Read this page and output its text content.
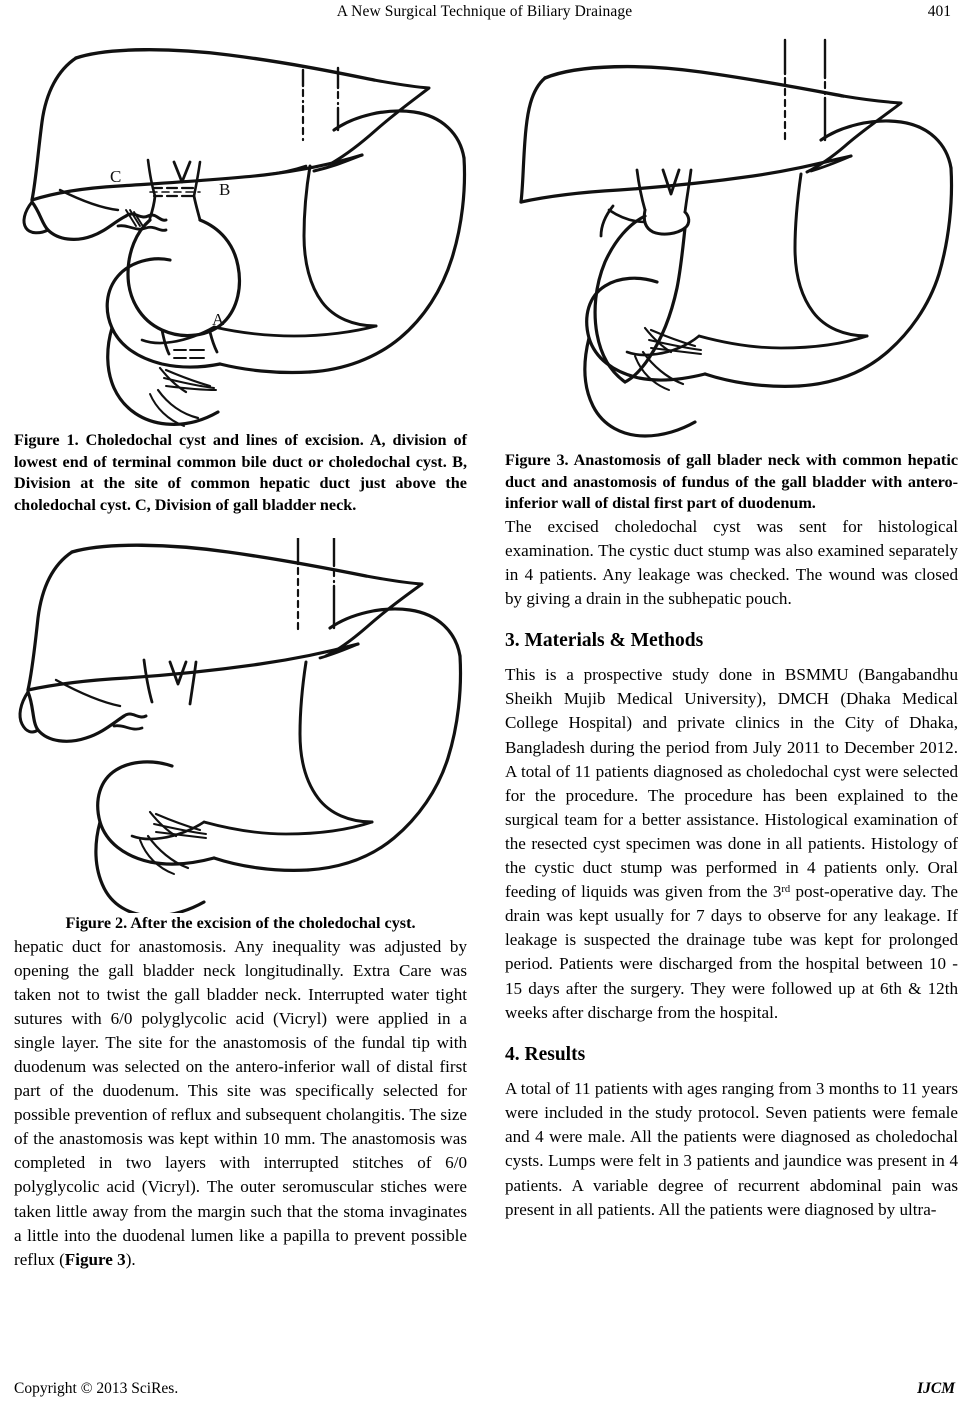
A New Surgical Technique of Biliary Drainage	401
C
B
A

Figure 1. Choledochal cyst and lines of excision. A, division of lowest end of terminal common bile duct or choledochal cyst. B, Division at the site of common hepatic duct just above the choledochal cyst. C, Division of gall bladder neck.

Figure 2. After the excision of the choledochal cyst.

hepatic duct for anastomosis. Any inequality was adjusted by opening the gall bladder neck longitudinally. Extra Care was taken not to twist the gall bladder neck. Interrupted water tight sutures with 6/0 polyglycolic acid (Vicryl) were applied in a single layer. The site for the anastomosis of the fundal tip with duodenum was selected on the antero-inferior wall of distal first part of the duodenum. This site was specifically selected for possible prevention of reflux and subsequent cholangitis. The size of the anastomosis was kept within 10 mm. The anastomosis was completed in two layers with interrupted stitches of 6/0 polyglycolic acid (Vicryl). The outer seromuscular stiches were taken little away from the margin such that the stoma invaginates a little into the duodenal lumen like a papilla to prevent possible reflux (Figure 3).

Figure 3. Anastomosis of gall blader neck with common hepatic duct and anastomosis of fundus of the gall bladder with antero-inferior wall of distal first part of duodenum.

The excised choledochal cyst was sent for histological examination. The cystic duct stump was also examined separately in 4 patients. Any leakage was checked. The wound was closed by giving a drain in the subhepatic pouch.

3. Materials & Methods

This is a prospective study done in BSMMU (Bangabandhu Sheikh Mujib Medical University), DMCH (Dhaka Medical College Hospital) and private clinics in the City of Dhaka, Bangladesh during the period from July 2011 to December 2012. A total of 11 patients diagnosed as choledochal cyst were selected for the procedure. The procedure has been explained to the surgical team for a better assistance. Histological examination of the resected cyst specimen was done in all patients. Histology of the cystic duct stump was performed in 4 patients only. Oral feeding of liquids was given from the 3rd post-operative day. The drain was kept usually for 7 days to observe for any leakage. If leakage is suspected the drainage tube was kept for prolonged period. Patients were discharged from the hospital between 10 - 15 days after the surgery. They were followed up at 6th & 12th weeks after discharge from the hospital.

4. Results

A total of 11 patients with ages ranging from 3 months to 11 years were included in the study protocol. Seven patients were female and 4 were male. All the patients were diagnosed as choledochal cysts. Lumps were felt in 3 patients and jaundice was present in 4 patients. A variable degree of recurrent abdominal pain was present in all patients. All the patients were diagnosed by ultra-

Copyright © 2013 SciRes.	IJCM
